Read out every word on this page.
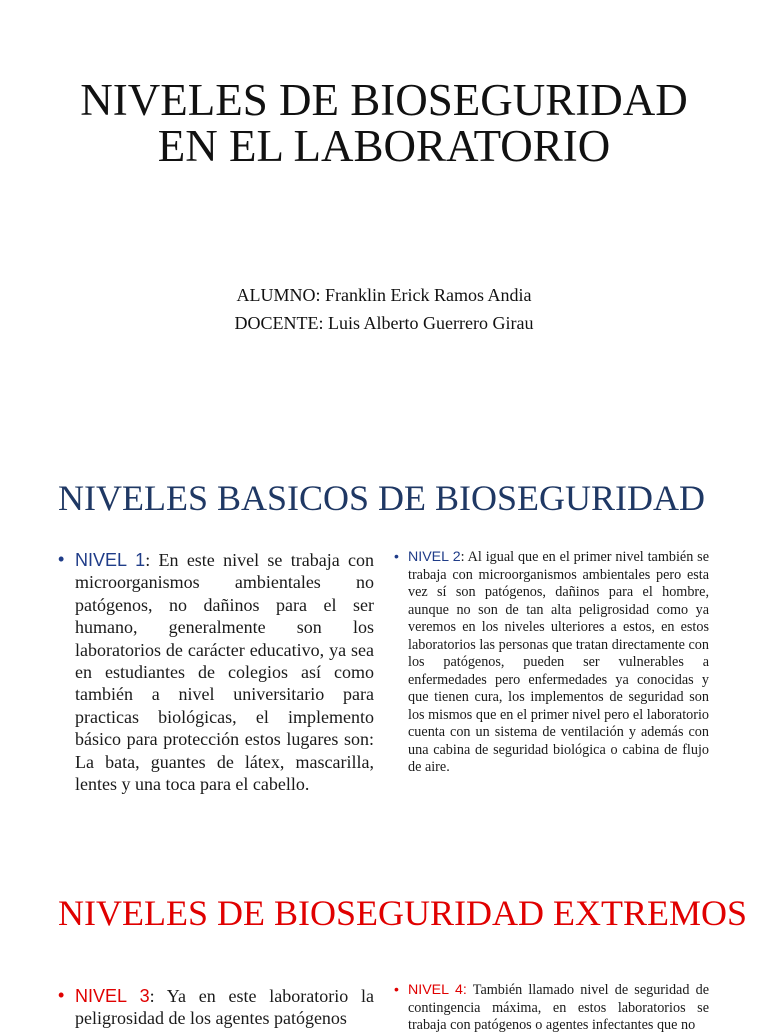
NIVELES DE BIOSEGURIDAD EN EL LABORATORIO
ALUMNO: Franklin Erick Ramos Andia
DOCENTE: Luis Alberto Guerrero Girau
NIVELES BASICOS DE BIOSEGURIDAD
• NIVEL 1: En este nivel se trabaja con microorganismos ambientales no patógenos, no dañinos para el ser humano, generalmente son los laboratorios de carácter educativo, ya sea en estudiantes de colegios así como también a nivel universitario para practicas biológicas, el implemento básico para protección estos lugares son: La bata, guantes de látex, mascarilla, lentes y una toca para el cabello.
• NIVEL 2: Al igual que en el primer nivel también se trabaja con microorganismos ambientales pero esta vez sí son patógenos, dañinos para el hombre, aunque no son de tan alta peligrosidad como ya veremos en los niveles ulteriores a estos, en estos laboratorios las personas que tratan directamente con los patógenos, pueden ser vulnerables a enfermedades pero enfermedades ya conocidas y que tienen cura, los implementos de seguridad son los mismos que en el primer nivel pero el laboratorio cuenta con un sistema de ventilación y además con una cabina de seguridad biológica o cabina de flujo de aire.
NIVELES DE BIOSEGURIDAD EXTREMOS
• NIVEL 3: Ya en este laboratorio la peligrosidad de los agentes patógenos
• NIVEL 4: También llamado nivel de seguridad de contingencia máxima, en estos laboratorios se trabaja con patógenos o agentes infectantes que no
